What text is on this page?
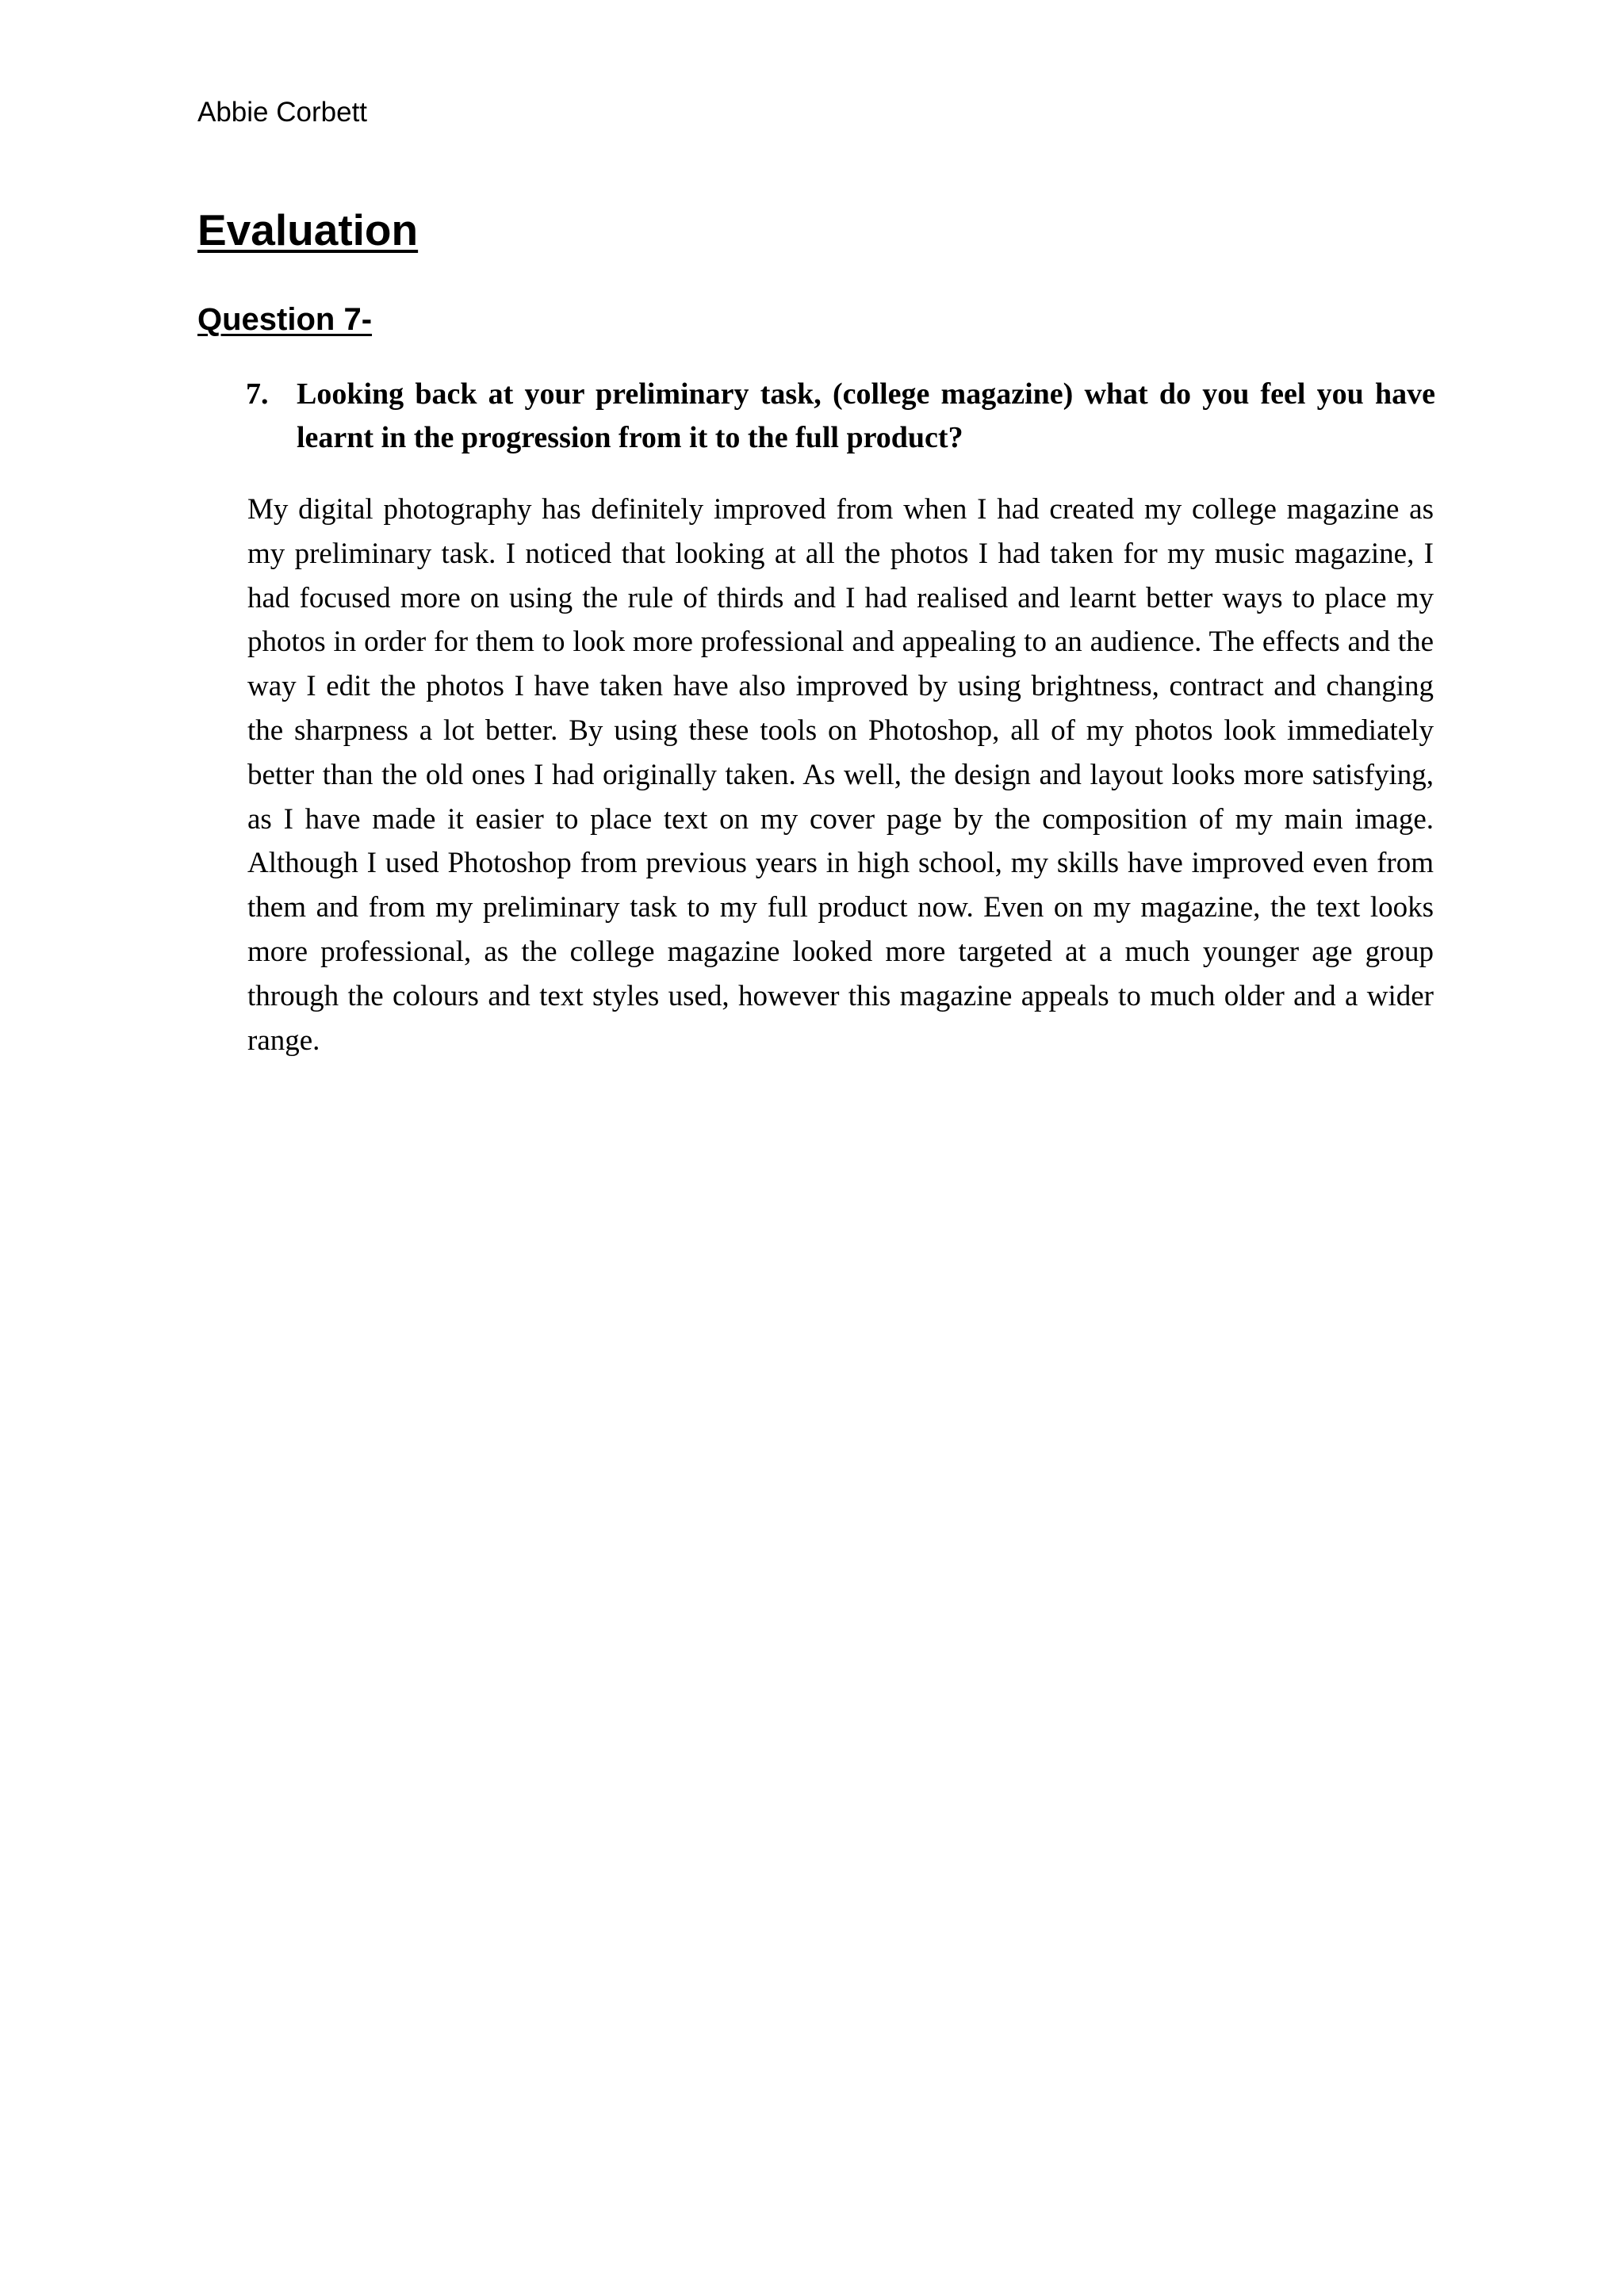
Abbie Corbett
Evaluation
Question 7-
7. Looking back at your preliminary task, (college magazine) what do you feel you have learnt in the progression from it to the full product?

My digital photography has definitely improved from when I had created my college magazine as my preliminary task. I noticed that looking at all the photos I had taken for my music magazine, I had focused more on using the rule of thirds and I had realised and learnt better ways to place my photos in order for them to look more professional and appealing to an audience. The effects and the way I edit the photos I have taken have also improved by using brightness, contract and changing the sharpness a lot better. By using these tools on Photoshop, all of my photos look immediately better than the old ones I had originally taken. As well, the design and layout looks more satisfying, as I have made it easier to place text on my cover page by the composition of my main image. Although I used Photoshop from previous years in high school, my skills have improved even from them and from my preliminary task to my full product now. Even on my magazine, the text looks more professional, as the college magazine looked more targeted at a much younger age group through the colours and text styles used, however this magazine appeals to much older and a wider range.
